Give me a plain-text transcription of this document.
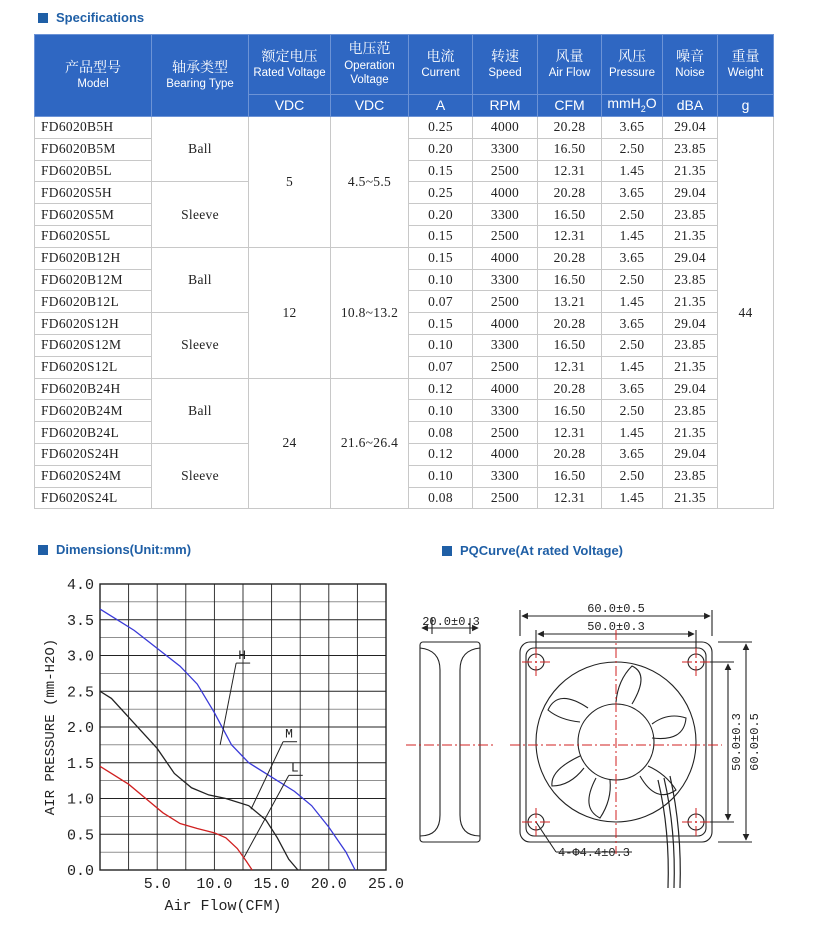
Specifications
产品型号
Model	轴承类型
Bearing Type	额定电压
Rated Voltage	电压范
Operation Voltage	电流
Current	转速
Speed	风量
Air Flow	风压
Pressure	噪音
Noise	重量
Weight

		VDC	VDC	A	RPM	CFM	mmH$_2$O	dBA	g
FD6020B5H	Ball	5	4.5~5.5	0.25	4000	20.28	3.65	29.04	44
FD6020B5M				0.20	3300	16.50	2.50	23.85	
FD6020B5L				0.15	2500	12.31	1.45	21.35	
FD6020S5H	Sleeve			0.25	4000	20.28	3.65	29.04	
FD6020S5M				0.20	3300	16.50	2.50	23.85	
FD6020S5L				0.15	2500	12.31	1.45	21.35	
FD6020B12H	Ball	12	10.8~13.2	0.15	4000	20.28	3.65	29.04	
FD6020B12M				0.10	3300	16.50	2.50	23.85	
FD6020B12L				0.07	2500	13.21	1.45	21.35	
FD6020S12H	Sleeve			0.15	4000	20.28	3.65	29.04	
FD6020S12M				0.10	3300	16.50	2.50	23.85	
FD6020S12L				0.07	2500	12.31	1.45	21.35	
FD6020B24H	Ball	24	21.6~26.4	0.12	4000	20.28	3.65	29.04	
FD6020B24M				0.10	3300	16.50	2.50	23.85	
FD6020B24L				0.08	2500	12.31	1.45	21.35	
FD6020S24H	Sleeve			0.12	4000	20.28	3.65	29.04	
FD6020S24M				0.10	3300	16.50	2.50	23.85	
FD6020S24L				0.08	2500	12.31	1.45	21.35	
Dimensions(Unit:mm)	PQCurve(At rated Voltage)
0.0
0.5
1.0
1.5
2.0
2.5
3.0
3.5
4.0
5.0 10.0 15.0 20.0 25.0
Air Flow(CFM)
AIR PRESSURE (mm-H2O)	H
M
L
20.0±0.3
60.0±0.5
50.0±0.3
4-Φ4.4±0.3
60.0±0.5
50.0±0.3
